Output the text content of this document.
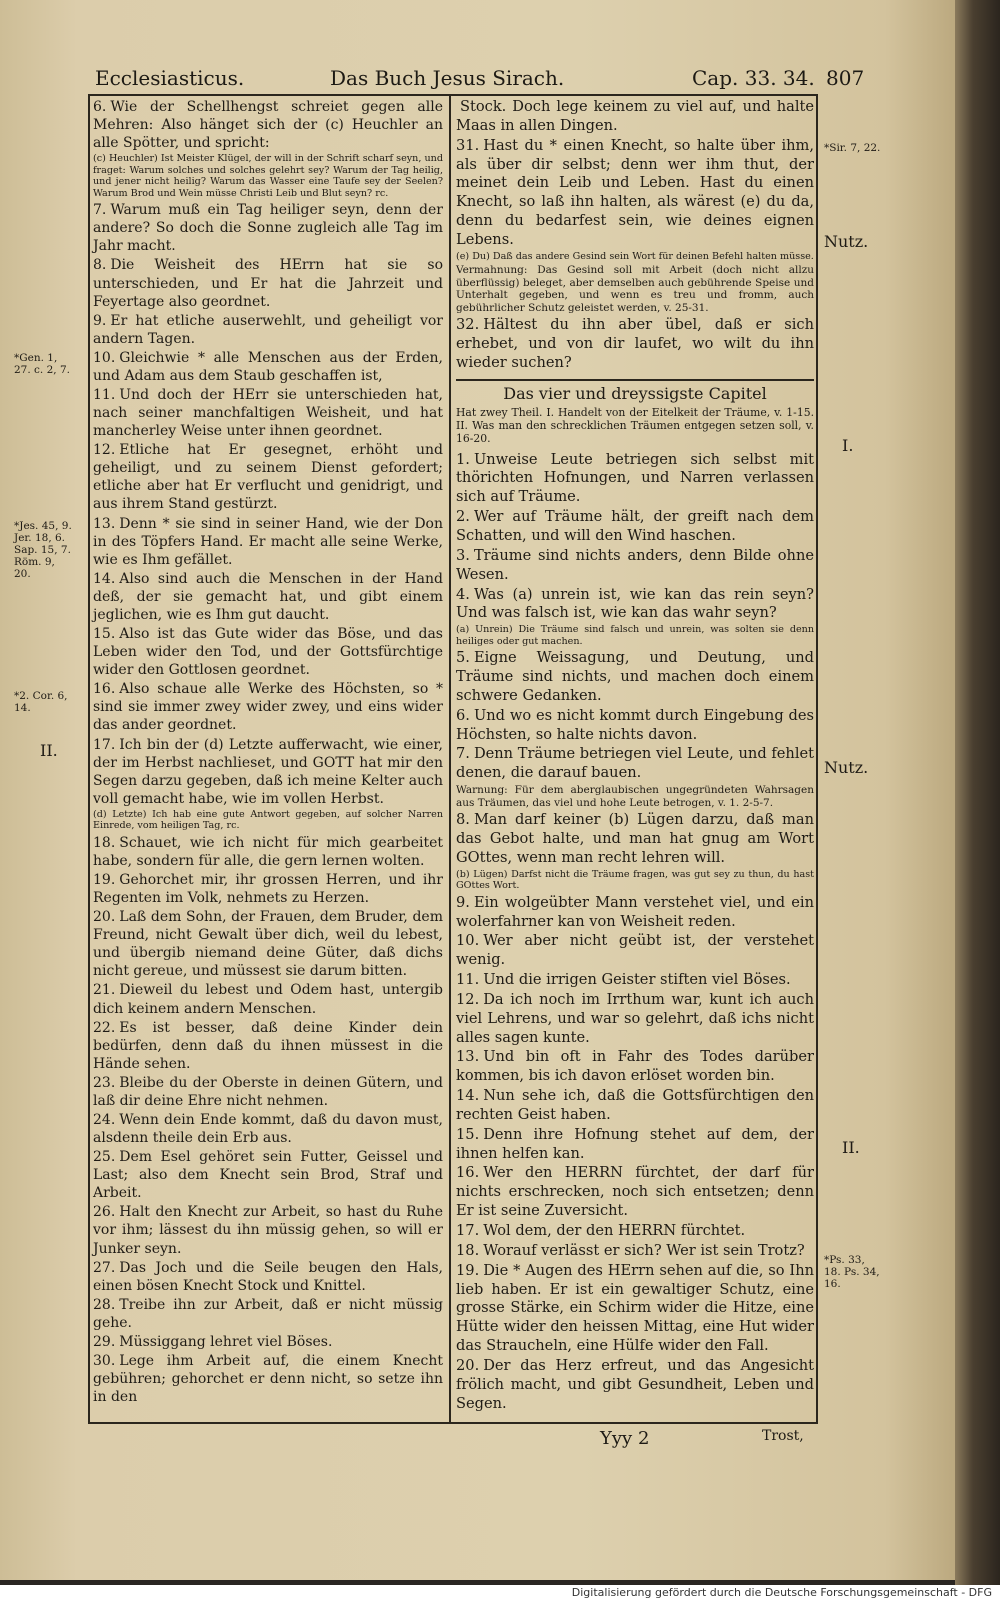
Ecclesiasticus.	Das Buch Jesus Sirach.	Cap. 33. 34. 807
6. Wie der Schellhengst schreiet gegen alle Mehren: Also hänget sich der (c) Heuchler an alle Spötter, und spricht:
(c) Heuchler) Ist Meister Klügel, der will in der Schrift scharf seyn, und fraget: Warum solches und solches gelehrt sey? Warum der Tag heilig, und jener nicht heilig? Warum das Wasser eine Taufe sey der Seelen? Warum Brod und Wein müsse Christi Leib und Blut seyn? rc.
7. Warum muß ein Tag heiliger seyn, denn der andere? So doch die Sonne zugleich alle Tag im Jahr macht.
8. Die Weisheit des HErrn hat sie so unterschieden, und Er hat die Jahrzeit und Feyertage also geordnet.
9. Er hat etliche auserwehlt, und geheiligt vor andern Tagen.
10. Gleichwie * alle Menschen aus der Erden, und Adam aus dem Staub geschaffen ist,
11. Und doch der HErr sie unterschieden hat, nach seiner manchfaltigen Weisheit, und hat mancherley Weise unter ihnen geordnet.
12. Etliche hat Er gesegnet, erhöht und geheiligt, und zu seinem Dienst gefordert; etliche aber hat Er verflucht und genidrigt, und aus ihrem Stand gestürzt.
13. Denn * sie sind in seiner Hand, wie der Don in des Töpfers Hand. Er macht alle seine Werke, wie es Ihm gefället.
14. Also sind auch die Menschen in der Hand deß, der sie gemacht hat, und gibt einem jeglichen, wie es Ihm gut daucht.
15. Also ist das Gute wider das Böse, und das Leben wider den Tod, und der Gottsfürchtige wider den Gottlosen geordnet.
16. Also schaue alle Werke des Höchsten, so * sind sie immer zwey wider zwey, und eins wider das ander geordnet.
17. Ich bin der (d) Letzte aufferwacht, wie einer, der im Herbst nachlieset, und GOTT hat mir den Segen darzu gegeben, daß ich meine Kelter auch voll gemacht habe, wie im vollen Herbst.
(d) Letzte) Ich hab eine gute Antwort gegeben, auf solcher Narren Einrede, vom heiligen Tag, rc.
18. Schauet, wie ich nicht für mich gearbeitet habe, sondern für alle, die gern lernen wolten.
19. Gehorchet mir, ihr grossen Herren, und ihr Regenten im Volk, nehmets zu Herzen.
20. Laß dem Sohn, der Frauen, dem Bruder, dem Freund, nicht Gewalt über dich, weil du lebest, und übergib niemand deine Güter, daß dichs nicht gereue, und müssest sie darum bitten.
21. Dieweil du lebest und Odem hast, untergib dich keinem andern Menschen.
22. Es ist besser, daß deine Kinder dein bedürfen, denn daß du ihnen müssest in die Hände sehen.
23. Bleibe du der Oberste in deinen Gütern, und laß dir deine Ehre nicht nehmen.
24. Wenn dein Ende kommt, daß du davon must, alsdenn theile dein Erb aus.
25. Dem Esel gehöret sein Futter, Geissel und Last; also dem Knecht sein Brod, Straf und Arbeit.
26. Halt den Knecht zur Arbeit, so hast du Ruhe vor ihm; lässest du ihn müssig gehen, so will er Junker seyn.
27. Das Joch und die Seile beugen den Hals, einen bösen Knecht Stock und Knittel.
28. Treibe ihn zur Arbeit, daß er nicht müssig gehe.
29. Müssiggang lehret viel Böses.
30. Lege ihm Arbeit auf, die einem Knecht gebühren; gehorchet er denn nicht, so setze ihn in den
Stock. Doch lege keinem zu viel auf, und halte Maas in allen Dingen.
31. Hast du * einen Knecht, so halte über ihm, als über dir selbst; denn wer ihm thut, der meinet dein Leib und Leben. Hast du einen Knecht, so laß ihn halten, als wärest (e) du da, denn du bedarfest sein, wie deines eignen Lebens.
(e) Du) Daß das andere Gesind sein Wort für deinen Befehl halten müsse.
Vermahnung: Das Gesind soll mit Arbeit (doch nicht allzu überflüssig) beleget, aber demselben auch gebührende Speise und Unterhalt gegeben, und wenn es treu und fromm, auch gebührlicher Schutz geleistet werden, v. 25-31.
32. Hältest du ihn aber übel, daß er sich erhebet, und von dir laufet, wo wilt du ihn wieder suchen?
Das vier und dreyssigste Capitel
Hat zwey Theil. I. Handelt von der Eitelkeit der Träume, v. 1-15. II. Was man den schrecklichen Träumen entgegen setzen soll, v. 16-20.
1. Unweise Leute betriegen sich selbst mit thörichten Hofnungen, und Narren verlassen sich auf Träume.
2. Wer auf Träume hält, der greift nach dem Schatten, und will den Wind haschen.
3. Träume sind nichts anders, denn Bilde ohne Wesen.
4. Was (a) unrein ist, wie kan das rein seyn? Und was falsch ist, wie kan das wahr seyn?
(a) Unrein) Die Träume sind falsch und unrein, was solten sie denn heiliges oder gut machen.
5. Eigne Weissagung, und Deutung, und Träume sind nichts, und machen doch einem schwere Gedanken.
6. Und wo es nicht kommt durch Eingebung des Höchsten, so halte nichts davon.
7. Denn Träume betriegen viel Leute, und fehlet denen, die darauf bauen.
Warnung: Für dem aberglaubischen ungegründeten Wahrsagen aus Träumen, das viel und hohe Leute betrogen, v. 1. 2-5-7.
8. Man darf keiner (b) Lügen darzu, daß man das Gebot halte, und man hat gnug am Wort GOttes, wenn man recht lehren will.
(b) Lügen) Darfst nicht die Träume fragen, was gut sey zu thun, du hast GOttes Wort.
9. Ein wolgeübter Mann verstehet viel, und ein wolerfahrner kan von Weisheit reden.
10. Wer aber nicht geübt ist, der verstehet wenig.
11. Und die irrigen Geister stiften viel Böses.
12. Da ich noch im Irrthum war, kunt ich auch viel Lehrens, und war so gelehrt, daß ichs nicht alles sagen kunte.
13. Und bin oft in Fahr des Todes darüber kommen, bis ich davon erlöset worden bin.
14. Nun sehe ich, daß die Gottsfürchtigen den rechten Geist haben.
15. Denn ihre Hofnung stehet auf dem, der ihnen helfen kan.
16. Wer den HERRN fürchtet, der darf für nichts erschrecken, noch sich entsetzen; denn Er ist seine Zuversicht.
17. Wol dem, der den HERRN fürchtet.
18. Worauf verlässt er sich? Wer ist sein Trotz?
19. Die * Augen des HErrn sehen auf die, so Ihn lieb haben. Er ist ein gewaltiger Schutz, eine grosse Stärke, ein Schirm wider die Hitze, eine Hütte wider den heissen Mittag, eine Hut wider das Straucheln, eine Hülfe wider den Fall.
20. Der das Herz erfreut, und das Angesicht frölich macht, und gibt Gesundheit, Leben und Segen.
*Gen. 1, 27. c. 2, 7.
*Jes. 45, 9. Jer. 18, 6. Sap. 15, 7. Röm. 9, 20.
*2. Cor. 6, 14.
II.
*Sir. 7, 22.
Nutz.
I.
Nutz.
II.
*Ps. 33, 18. Ps. 34, 16.
Yyy 2	Trost,
Digitalisierung gefördert durch die Deutsche Forschungsgemeinschaft - DFG
